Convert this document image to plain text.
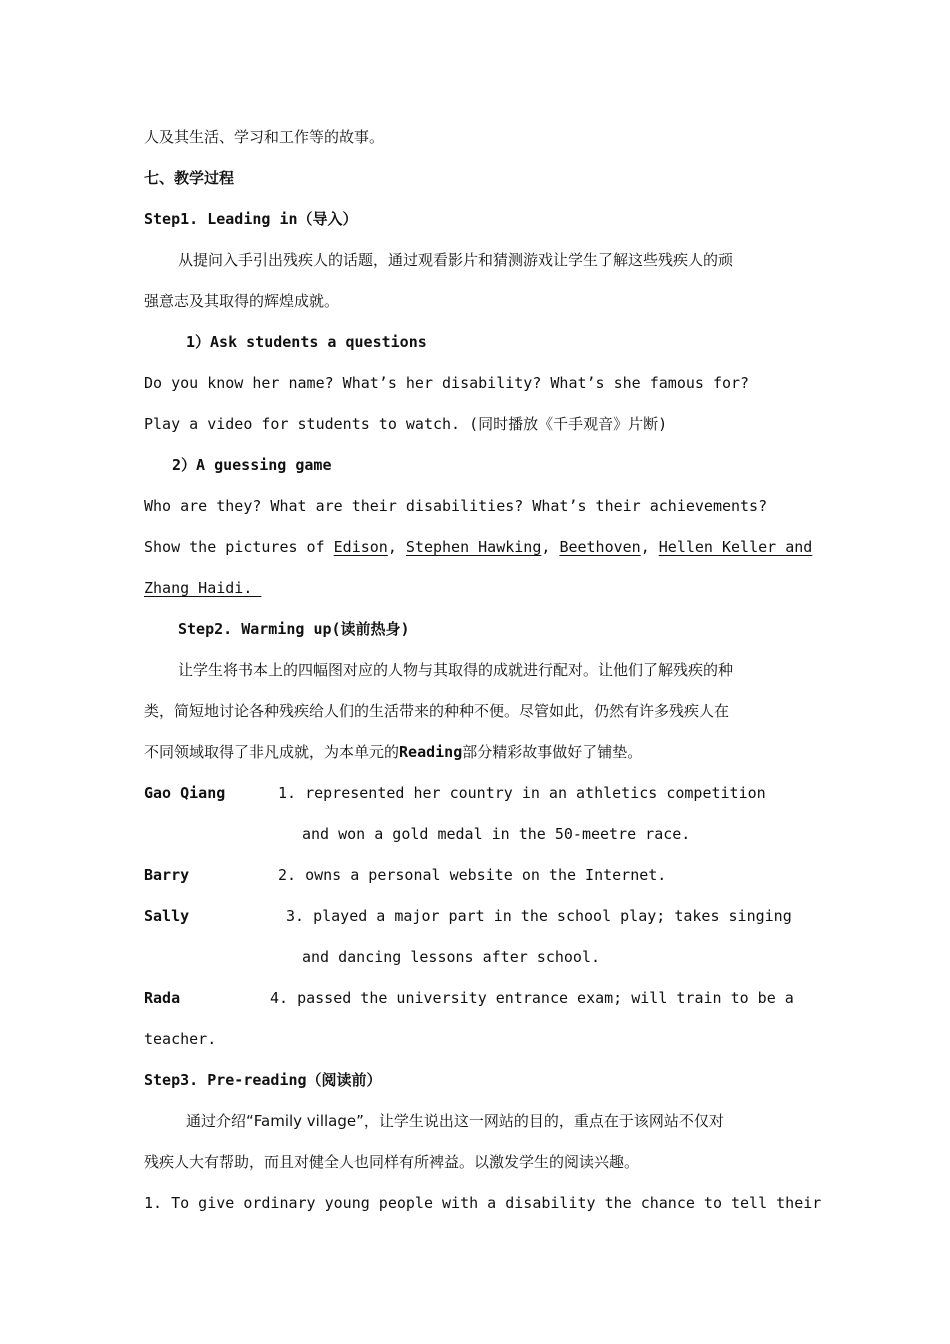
人及其生活、学习和工作等的故事。
七、教学过程
Step1. Leading in（导入）
从提问入手引出残疾人的话题，通过观看影片和猜测游戏让学生了解这些残疾人的顽
强意志及其取得的辉煌成就。
1）Ask students a questions
Do you know her name? What’s her disability? What’s she famous for?
Play a video for students to watch. (同时播放《千手观音》片断)
2）A guessing game
Who are they? What are their disabilities? What’s their achievements?
Show the pictures of Edison, Stephen Hawking, Beethoven, Hellen Keller and
Zhang Haidi.
Step2. Warming up(读前热身)
让学生将书本上的四幅图对应的人物与其取得的成就进行配对。让他们了解残疾的种
类，简短地讨论各种残疾给人们的生活带来的种种不便。尽管如此，仍然有许多残疾人在
不同领域取得了非凡成就，为本单元的Reading部分精彩故事做好了铺垫。
Gao Qiang	1. represented her country in an athletics competition
and won a gold medal in the 50-meetre race.
Barry	2. owns a personal website on the Internet.
Sally	3. played a major part in the school play; takes singing
and dancing lessons after school.
Rada	4. passed the university entrance exam; will train to be a
teacher.
Step3. Pre-reading（阅读前）
通过介绍“Family village”，让学生说出这一网站的目的，重点在于该网站不仅对
残疾人大有帮助，而且对健全人也同样有所裨益。以激发学生的阅读兴趣。
1. To give ordinary young people with a disability the chance to tell their
